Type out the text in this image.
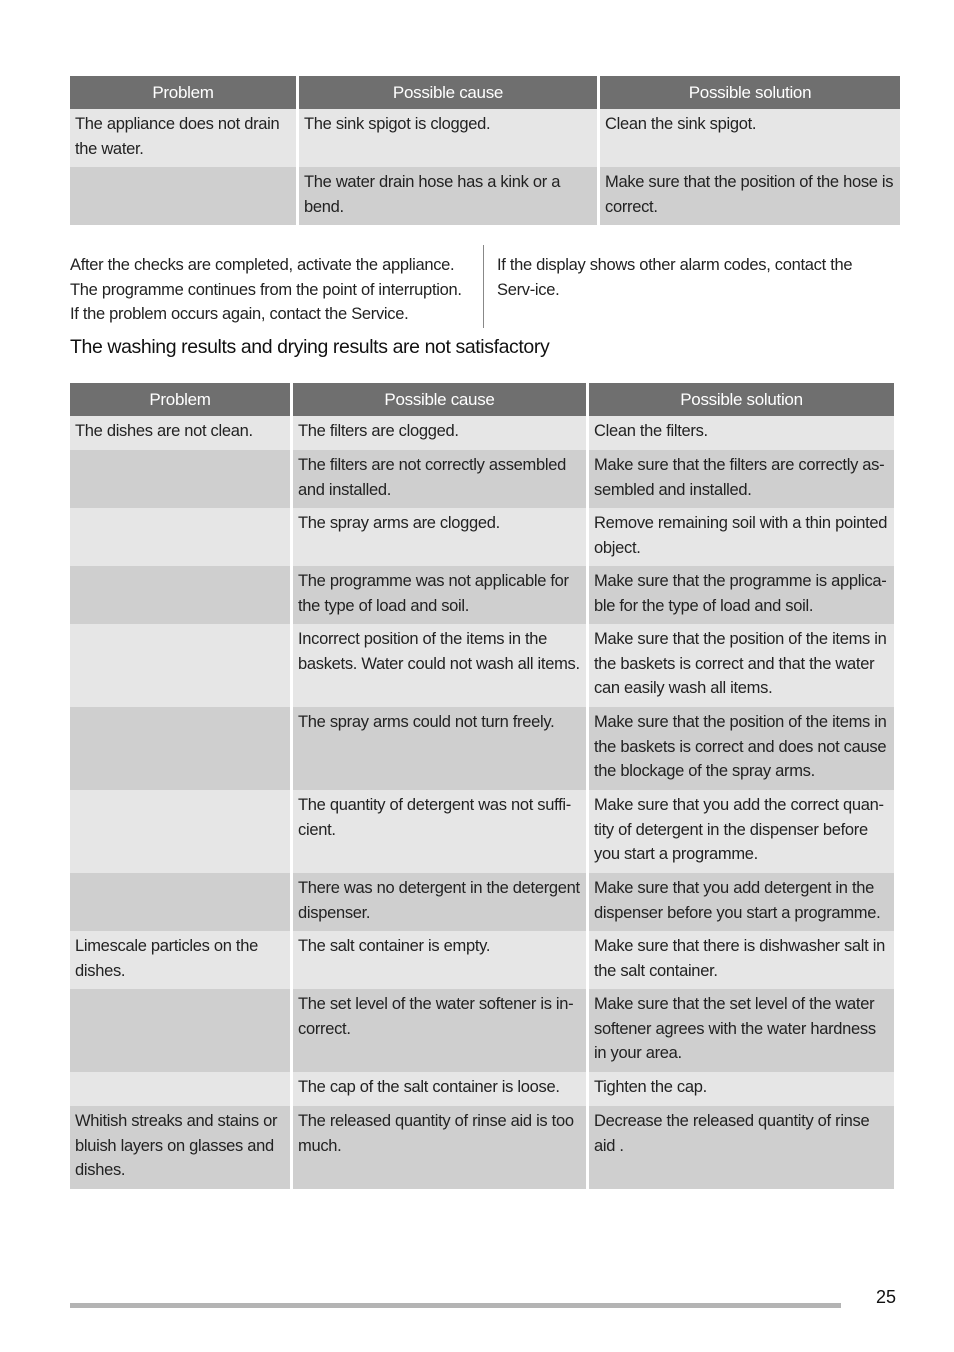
Problem	Possible cause	Possible solution
The appliance does not drain the water.	The sink spigot is clogged.	Clean the sink spigot.
	The water drain hose has a kink or a bend.	Make sure that the position of the hose is correct.
After the checks are completed, activate the appliance. The programme continues from the point of interruption.
If the problem occurs again, contact the Service.
If the display shows other alarm codes, contact the Serv-ice.
The washing results and drying results are not satisfactory
Problem	Possible cause	Possible solution
The dishes are not clean.	The filters are clogged.	Clean the filters.
	The filters are not correctly assembled and installed.	Make sure that the filters are correctly as-sembled and installed.
	The spray arms are clogged.	Remove remaining soil with a thin pointed object.
	The programme was not applicable for the type of load and soil.	Make sure that the programme is applica-ble for the type of load and soil.
	Incorrect position of the items in the baskets. Water could not wash all items.	Make sure that the position of the items in the baskets is correct and that the water can easily wash all items.
	The spray arms could not turn freely.	Make sure that the position of the items in the baskets is correct and does not cause the blockage of the spray arms.
	The quantity of detergent was not suffi-cient.	Make sure that you add the correct quan-tity of detergent in the dispenser before you start a programme.
	There was no detergent in the detergent dispenser.	Make sure that you add detergent in the dispenser before you start a programme.
Limescale particles on the dishes.	The salt container is empty.	Make sure that there is dishwasher salt in the salt container.
	The set level of the water softener is in-correct.	Make sure that the set level of the water softener agrees with the water hardness in your area.
	The cap of the salt container is loose.	Tighten the cap.
Whitish streaks and stains or bluish layers on glasses and dishes.	The released quantity of rinse aid is too much.	Decrease the released quantity of rinse aid .
25
